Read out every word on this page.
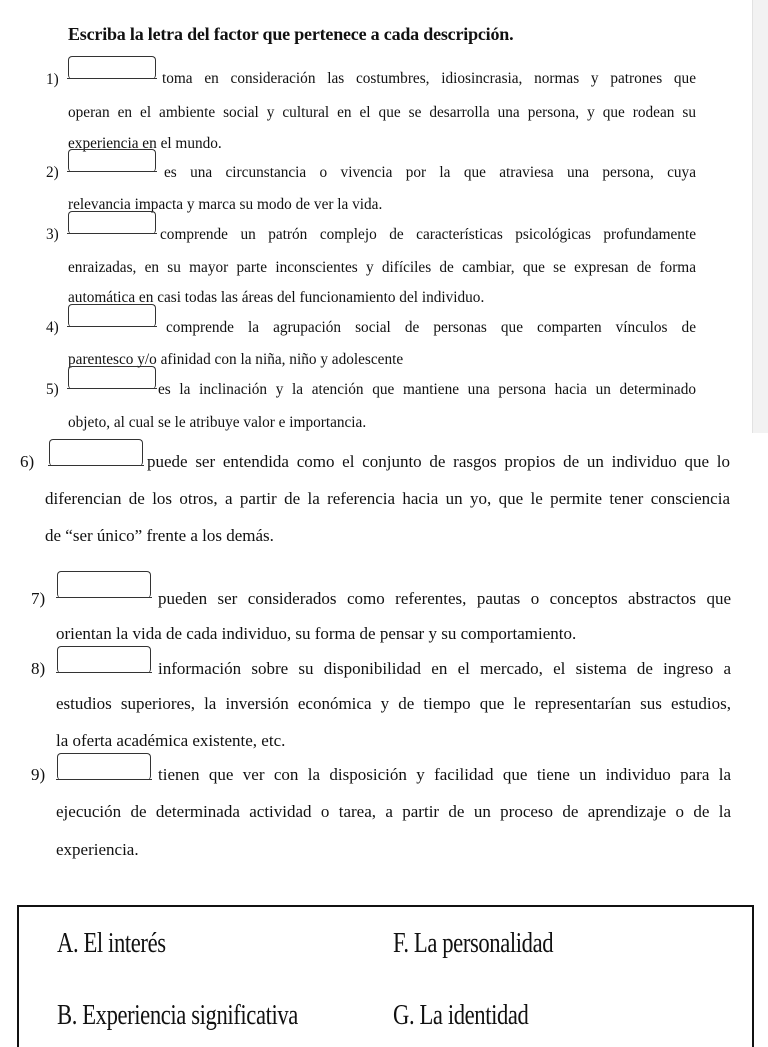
Escriba la letra del factor que pertenece a cada descripción.
1)	toma en consideración las costumbres, idiosincrasia, normas y patrones que
operan en el ambiente social y cultural en el que se desarrolla una persona, y que rodean su
experiencia en el mundo.
2)	es una circunstancia o vivencia por la que atraviesa una persona, cuya
relevancia impacta y marca su modo de ver la vida.
3)	comprende un patrón complejo de características psicológicas profundamente
enraizadas, en su mayor parte inconscientes y difíciles de cambiar, que se expresan de forma
automática en casi todas las áreas del funcionamiento del individuo.
4)	comprende la agrupación social de personas que comparten vínculos de
parentesco y/o afinidad con la niña, niño y adolescente
5)	es la inclinación y la atención que mantiene una persona hacia un determinado
objeto, al cual se le atribuye valor e importancia.
6)	puede ser entendida como el conjunto de rasgos propios de un individuo que lo
diferencian de los otros, a partir de la referencia hacia un yo, que le permite tener consciencia
de “ser único” frente a los demás.
7)	pueden ser considerados como referentes, pautas o conceptos abstractos que
orientan la vida de cada individuo, su forma de pensar y su comportamiento.
8)	información sobre su disponibilidad en el mercado, el sistema de ingreso a
estudios superiores, la inversión económica y de tiempo que le representarían sus estudios,
la oferta académica existente, etc.
9)	tienen que ver con la disposición y facilidad que tiene un individuo para la
ejecución de determinada actividad o tarea, a partir de un proceso de aprendizaje o de la
experiencia.
A. El interés	F. La personalidad
B. Experiencia significativa	G. La identidad
